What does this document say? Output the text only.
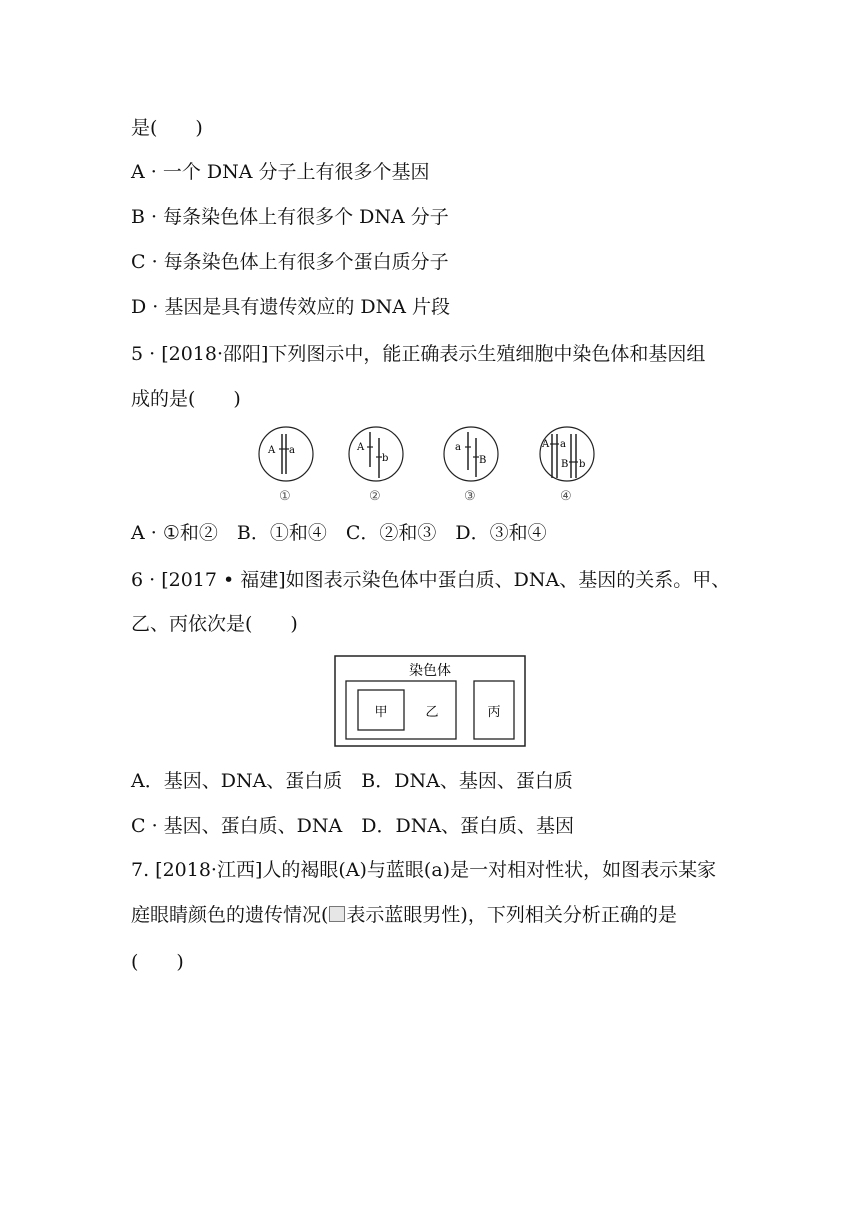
是(　　)
A · 一个 DNA 分子上有很多个基因
B · 每条染色体上有很多个 DNA 分子
C · 每条染色体上有很多个蛋白质分子
D · 基因是具有遗传效应的 DNA 片段
5 · [2018·邵阳]下列图示中，能正确表示生殖细胞中染色体和基因组
成的是(　　)
A a
①
A
b
②
a
B
③
A a
B b
④
A · ①和②　B．①和④　C．②和③　D．③和④
6 · [2017 • 福建]如图表示染色体中蛋白质、DNA、基因的关系。甲、
乙、丙依次是(　　)
染色体
甲	乙	丙
A．基因、DNA、蛋白质　B．DNA、基因、蛋白质
C · 基因、蛋白质、DNA　D．DNA、蛋白质、基因
7. [2018·江西]人的褐眼(A)与蓝眼(a)是一对相对性状，如图表示某家
庭眼睛颜色的遗传情况( 表示蓝眼男性)，下列相关分析正确的是
(　　)
